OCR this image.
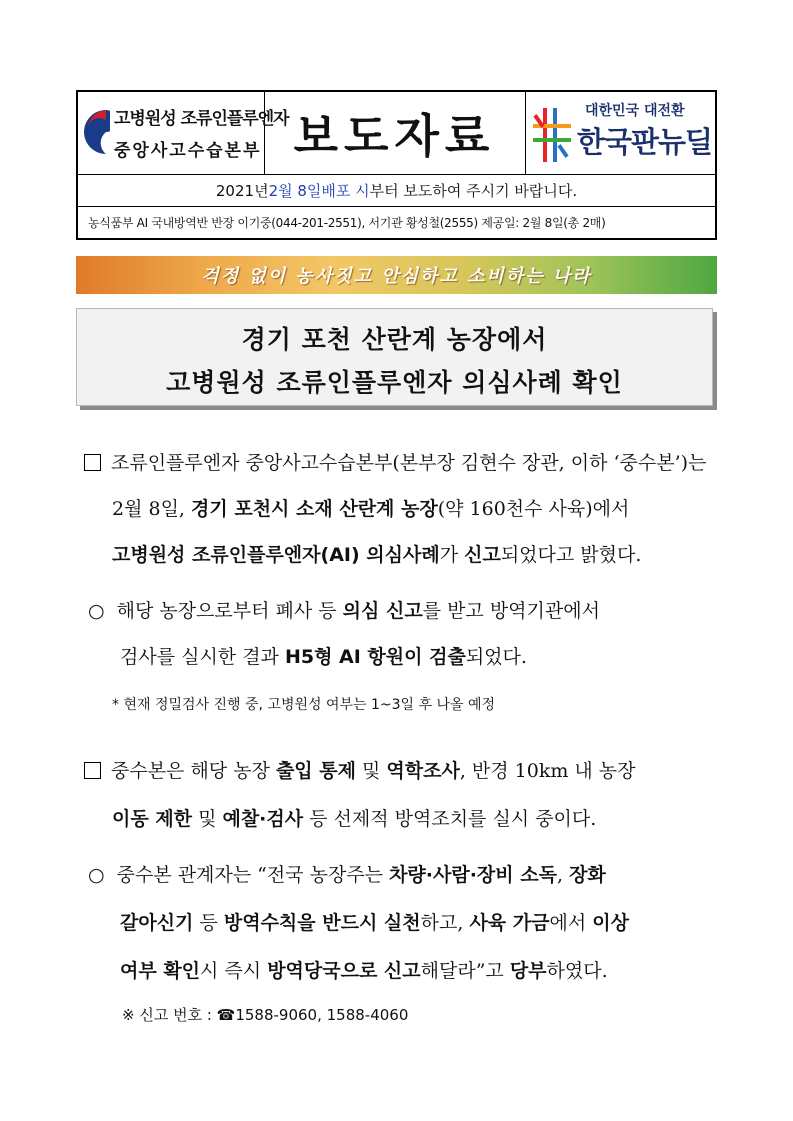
고병원성 조류인플루엔자
중앙사고수습본부 보도자료	대한민국 대전환
한국판뉴딜
2021년 2월 8일 배포 시 부터 보도하여 주시기 바랍니다.
농식품부 AI 국내방역반 반장 이기중(044-201-2551), 서기관 황성철(2555) 제공일: 2월 8일(총 2매)
걱정 없이 농사짓고 안심하고 소비하는 나라
경기 포천 산란계 농장에서
고병원성 조류인플루엔자 의심사례 확인
조류인플루엔자 중앙사고수습본부(본부장 김현수 장관, 이하 ‘중수본’)는
2월 8일, 경기 포천시 소재 산란계 농장(약 160천수 사육)에서
고병원성 조류인플루엔자(AI) 의심사례가 신고되었다고 밝혔다.
○ 해당 농장으로부터 폐사 등 의심 신고를 받고 방역기관에서
검사를 실시한 결과 H5형 AI 항원이 검출되었다.
* 현재 정밀검사 진행 중, 고병원성 여부는 1~3일 후 나올 예정
중수본은 해당 농장 출입 통제 및 역학조사, 반경 10km 내 농장
이동 제한 및 예찰·검사 등 선제적 방역조치를 실시 중이다.
○ 중수본 관계자는 “전국 농장주는 차량·사람·장비 소독, 장화
갈아신기 등 방역수칙을 반드시 실천하고, 사육 가금에서 이상
여부 확인시 즉시 방역당국으로 신고해달라”고 당부하였다.
※ 신고 번호 : ☎1588-9060, 1588-4060
